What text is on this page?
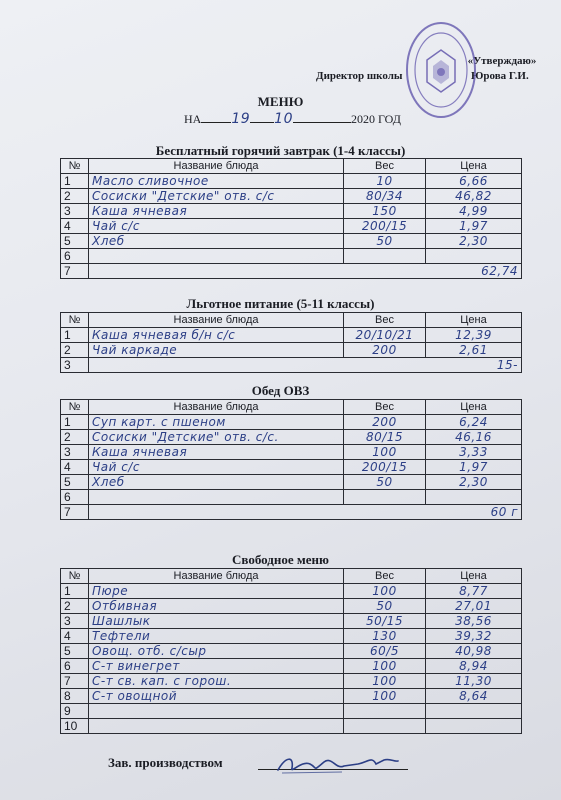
«Утверждаю»
Директор школы	Юрова Г.И.
МЕНЮ
НА 19 10	2020 ГОД
Бесплатный горячий завтрак (1-4 классы)
№	Название блюда	Вес	Цена
1	Масло сливочное	10	6,66
2	Сосиски "Детские" отв. с/с	80/34	46,82
3	Каша ячневая	150	4,99
4	Чай с/с	200/15	1,97
5	Хлеб	50	2,30
6			
7	62,74		
Льготное питание (5-11 классы)
№	Название блюда	Вес	Цена
1	Каша ячневая б/н с/с	20/10/21	12,39
2	Чай каркаде	200	2,61
3	15-		
Обед ОВЗ
№	Название блюда	Вес	Цена
1	Суп карт. с пшеном	200	6,24
2	Сосиски "Детские" отв. с/с.	80/15	46,16
3	Каша ячневая	100	3,33
4	Чай с/с	200/15	1,97
5	Хлеб	50	2,30
6			
7	60 г		
Свободное меню
№	Название блюда	Вес	Цена
1	Пюре	100	8,77
2	Отбивная	50	27,01
3	Шашлык	50/15	38,56
4	Тефтели	130	39,32
5	Овощ. отб. с/сыр	60/5	40,98
6	С-т винегрет	100	8,94
7	С-т св. кап. с горош.	100	11,30
8	С-т овощной	100	8,64
9			
10			
Зав. производством
